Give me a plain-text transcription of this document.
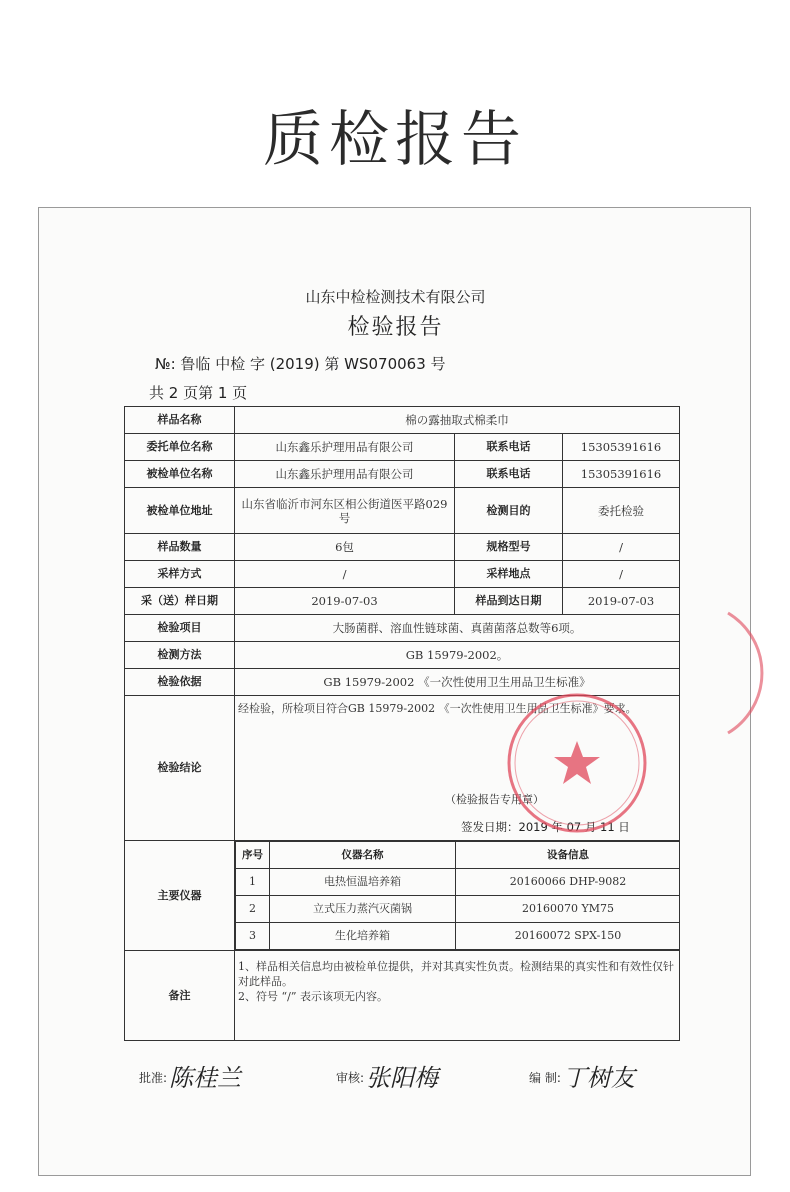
质检报告
山东中检检测技术有限公司
检验报告
№: 鲁临 中检 字 (2019) 第 WS070063 号
共 2 页第 1 页
样品名称	棉の露抽取式棉柔巾
委托单位名称	山东鑫乐护理用品有限公司	联系电话	15305391616
被检单位名称	山东鑫乐护理用品有限公司	联系电话	15305391616
被检单位地址	山东省临沂市河东区相公街道医平路029号	检测目的	委托检验
样品数量	6包	规格型号	/
采样方式	/	采样地点	/
采（送）样日期	2019-07-03	样品到达日期	2019-07-03
检验项目	大肠菌群、溶血性链球菌、真菌菌落总数等6项。
检测方法	GB 15979-2002。
检验依据	GB 15979-2002 《一次性使用卫生用品卫生标准》
检验结论	
经检验，所检项目符合GB 15979-2002 《一次性使用卫生用品卫生标准》要求。
（检验报告专用章）
签发日期：2019 年 07 月 11 日

主要仪器	
序号	仪器名称	设备信息
1	电热恒温培养箱	20160066 DHP-9082
2	立式压力蒸汽灭菌锅	20160070 YM75
3	生化培养箱	20160072 SPX-150

备注	
1、样品相关信息均由被检单位提供，并对其真实性负责。检测结果的真实性和有效性仅针对此样品。
2、符号 “/” 表示该项无内容。
批准:陈桂兰	审核:张阳梅	编 制:丁树友
